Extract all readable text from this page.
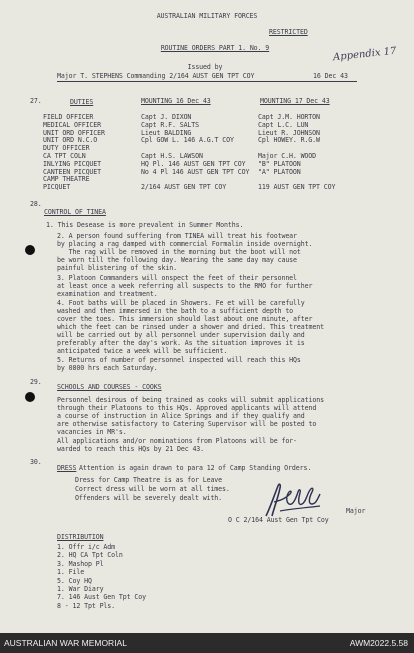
AUSTRALIAN MILITARY FORCES
RESTRICTED
ROUTINE ORDERS PART 1. No. 9	Appendix 17
Issued by
Major T. STEPHENS Commanding 2/164 AUST GEN TPT COY	16 Dec 43
27.	DUTIES	MOUNTING 16 Dec 43	MOUNTING 17 Dec 43
FIELD OFFICER	Capt J. DIXON	Capt J.M. HORTON
MEDICAL OFFICER	Capt R.F. SALTS	Capt L.C. LUN
UNIT ORD OFFICER	Lieut BALDING	Lieut R. JOHNSON
UNIT ORD N.C.O	Cpl GOW L. 146 A.G.T COY	Cpl HOWEY. R.G.W
DUTY OFFICER
CA TPT COLN	Capt H.S. LAWSON	Major C.H. WOOD
INLYING PICQUET	HQ Pl. 146 AUST GEN TPT COY "B" PLATOON
CANTEEN PICQUET	No 4 Pl 146 AUST GEN TPT COY "A" PLATOON
CAMP THEATRE
PICQUET	2/164 AUST GEN TPT COY	119 AUST GEN TPT COY
28.
CONTROL OF TINEA
1. This Desease is more prevalent in Summer Months.
2. A person found suffering from TINEA will treat his footwear
by placing a rag damped with commercial Formalin inside overnight.
The rag will be removed in the morning but the boot will not
be worn till the following day. Wearing the same day may cause
painful blistering of the skin.
3. Platoon Commanders will onspect the feet of their personnel
at least once a week referring all suspects to the RMO for further
examination and treatment.
4. Foot baths will be placed in Showers. Fe et will be carefully
washed and then immersed in the bath to a sufficient depth to
cover the toes. This immersion should last about one minute, after
which the feet can be rinsed under a shower and dried. This treatment
will be carried out by all personnel under supervision daily and
preferably after the day's work. As the situation improves it is
anticipated twice a week will be sufficient.
5. Returns of number of personnel inspected will reach this HQs
by 0800 hrs each Saturday.
29.
SCHOOLS AND COURSES - COOKS
Personnel desirous of being trained as cooks will submit applications
through their Platoons to this HQs. Approved applicants will attend
a course of instruction in Alice Springs and if they qualify and
are otherwise satisfactory to Catering Supervisor will be posted to
vacancies in MR's.
All applications and/or nominations from Platoons will be for-
warded to reach this HQs by 21 Dec 43.
30.
DRESS Attention is again drawn to para 12 of Camp Standing Orders.
Dress for Camp Theatre is as for Leave
Correct dress will be worn at all times.
Offenders will be severely dealt with.
Major
O C 2/164 Aust Gen Tpt Coy
DISTRIBUTION
1. Offr i/c Adm
2. HQ CA Tpt Coln
3. Mashop Pl
1. File
5. Coy HQ
1. War Diary
7. 146 Aust Gen Tpt Coy
8 - 12 Tpt Pls.
AUSTRALIAN WAR MEMORIAL	AWM2022.5.58
